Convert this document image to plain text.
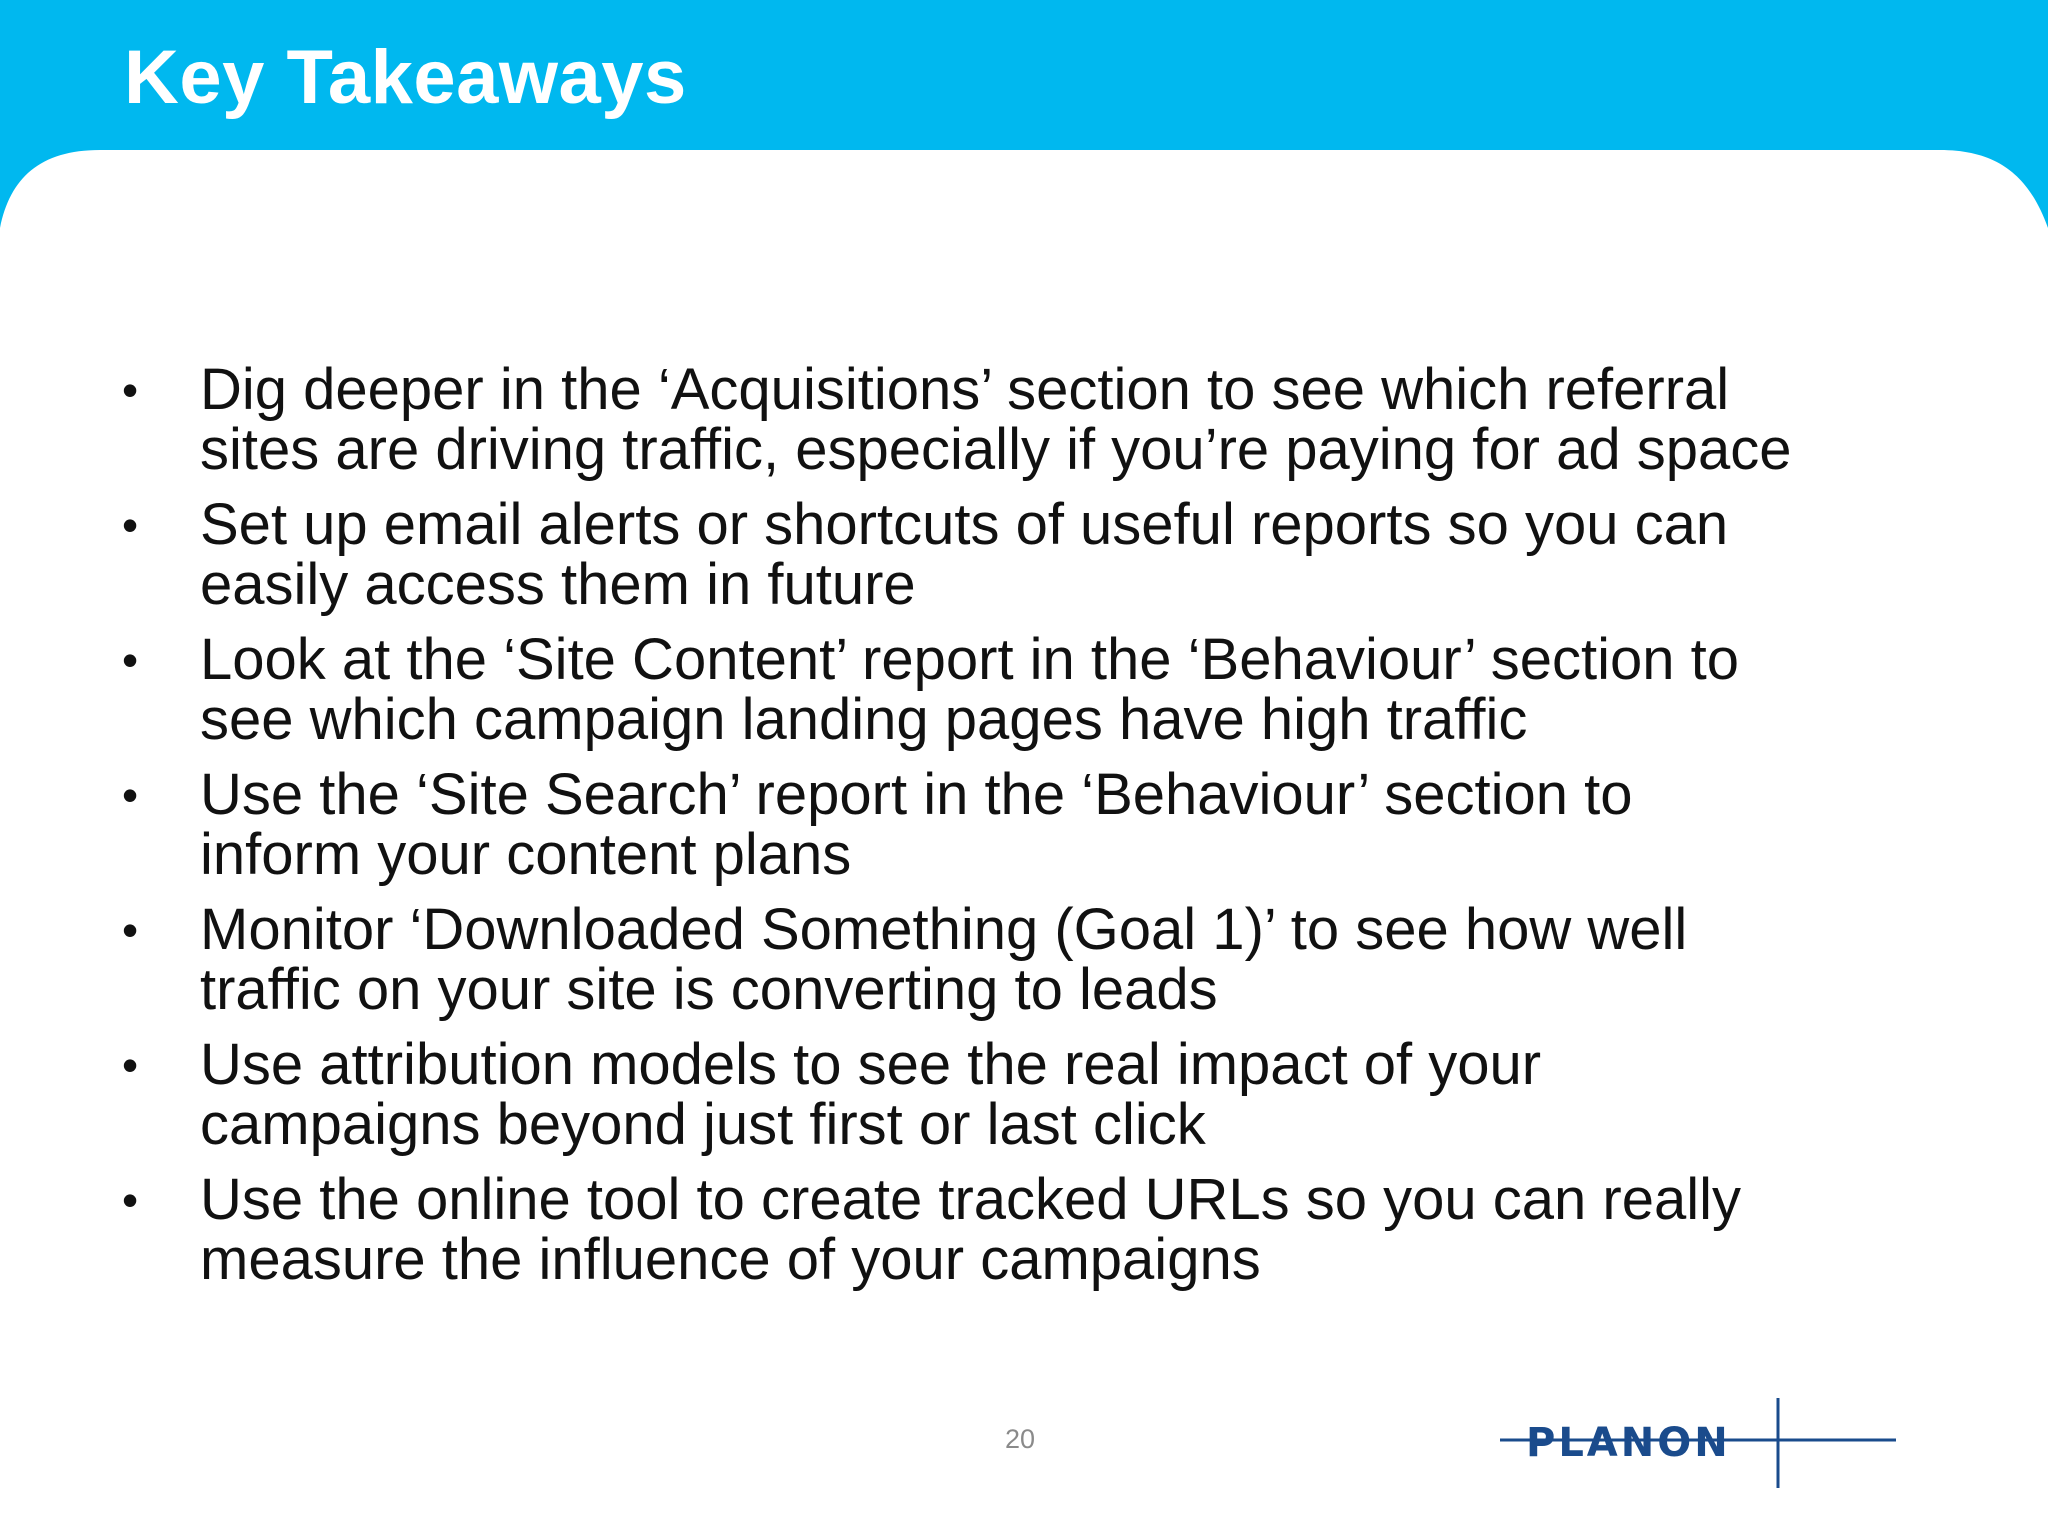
Key Takeaways
•	Dig deeper in the ‘Acquisitions’ section to see which referral
sites are driving traffic, especially if you’re paying for ad space
•	Set up email alerts or shortcuts of useful reports so you can
easily access them in future
•	Look at the ‘Site Content’ report in the ‘Behaviour’ section to
see which campaign landing pages have high traffic
•	Use the ‘Site Search’ report in the ‘Behaviour’ section to
inform your content plans
•	Monitor ‘Downloaded Something (Goal 1)’ to see how well
traffic on your site is converting to leads
•	Use attribution models to see the real impact of your
campaigns beyond just first or last click
•	Use the online tool to create tracked URLs so you can really
measure the influence of your campaigns
20	PLANON
